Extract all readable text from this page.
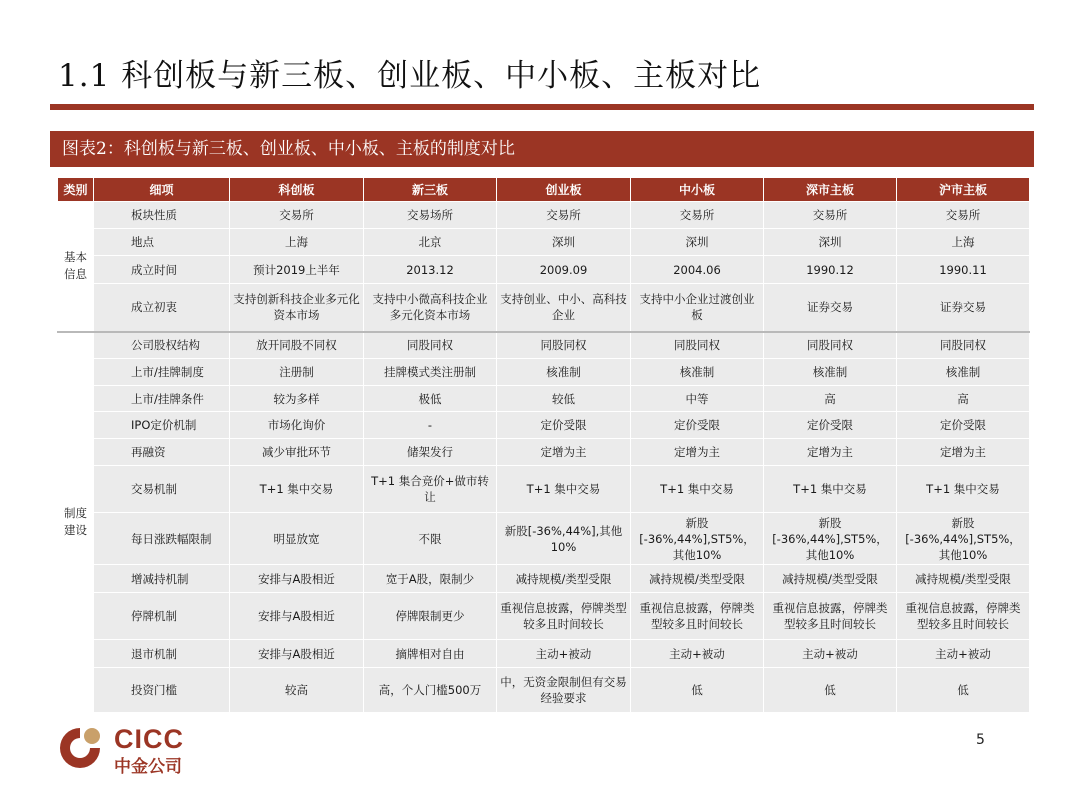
1.1 科创板与新三板、创业板、中小板、主板对比
图表2：科创板与新三板、创业板、中小板、主板的制度对比
类别	细项	科创板	新三板	创业板	中小板	深市主板	沪市主板
基本信息	板块性质	交易所	交易场所	交易所	交易所	交易所	交易所
	地点	上海	北京	深圳	深圳	深圳	上海
	成立时间	预计2019上半年	2013.12	2009.09	2004.06	1990.12	1990.11
	成立初衷	支持创新科技企业多元化资本市场	支持中小微高科技企业多元化资本市场	支持创业、中小、高科技企业	支持中小企业过渡创业板	证券交易	证券交易
制度建设	公司股权结构	放开同股不同权	同股同权	同股同权	同股同权	同股同权	同股同权
	上市/挂牌制度	注册制	挂牌模式类注册制	核准制	核准制	核准制	核准制
	上市/挂牌条件	较为多样	极低	较低	中等	高	高
	IPO定价机制	市场化询价	-	定价受限	定价受限	定价受限	定价受限
	再融资	减少审批环节	储架发行	定增为主	定增为主	定增为主	定增为主
	交易机制	T+1 集中交易	T+1 集合竞价+做市转让	T+1 集中交易	T+1 集中交易	T+1 集中交易	T+1 集中交易
	每日涨跌幅限制	明显放宽	不限	新股[-36%,44%],其他10%	新股[-36%,44%],ST5%，其他10%	新股[-36%,44%],ST5%，其他10%	新股[-36%,44%],ST5%，其他10%
	增减持机制	安排与A股相近	宽于A股，限制少	减持规模/类型受限	减持规模/类型受限	减持规模/类型受限	减持规模/类型受限
	停牌机制	安排与A股相近	停牌限制更少	重视信息披露，停牌类型较多且时间较长	重视信息披露，停牌类型较多且时间较长	重视信息披露，停牌类型较多且时间较长	重视信息披露，停牌类型较多且时间较长
	退市机制	安排与A股相近	摘牌相对自由	主动+被动	主动+被动	主动+被动	主动+被动
	投资门槛	较高	高，个人门槛500万	中，无资金限制但有交易经验要求	低	低	低
CICC
中金公司
5
